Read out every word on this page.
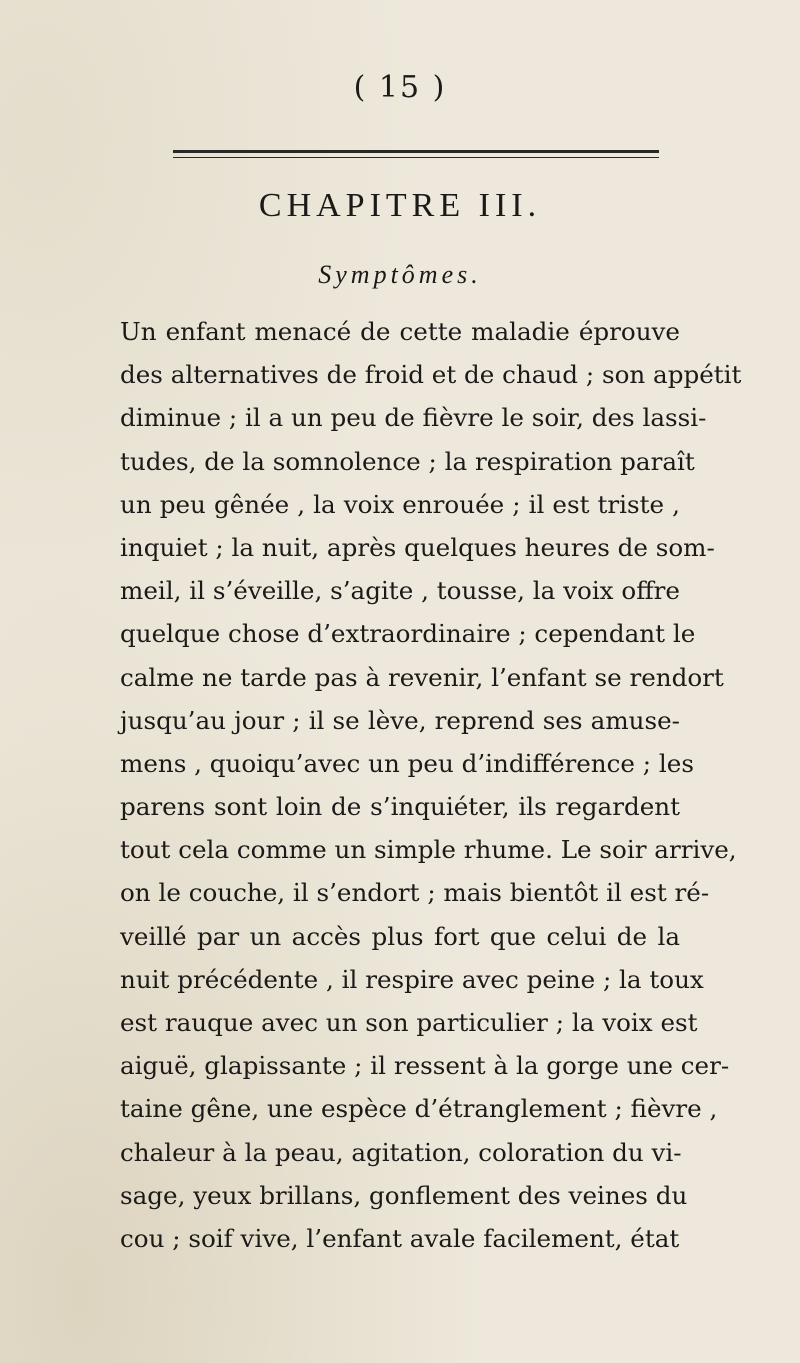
( 15 )
CHAPITRE III.
Symptômes.
Un enfant menacé de cette maladie éprouve
des alternatives de froid et de chaud ; son appétit
diminue ; il a un peu de fièvre le soir, des lassi-
tudes, de la somnolence ; la respiration paraît
un peu gênée , la voix enrouée ; il est triste ,
inquiet ; la nuit, après quelques heures de som-
meil, il s’éveille, s’agite , tousse, la voix offre
quelque chose d’extraordinaire ; cependant le
calme ne tarde pas à revenir, l’enfant se rendort
jusqu’au jour ; il se lève, reprend ses amuse-
mens , quoiqu’avec un peu d’indifférence ; les
parens sont loin de s’inquiéter, ils regardent
tout cela comme un simple rhume. Le soir arrive,
on le couche, il s’endort ; mais bientôt il est ré-
veillé par un accès plus fort que celui de la
nuit précédente , il respire avec peine ; la toux
est rauque avec un son particulier ; la voix est
aiguë, glapissante ; il ressent à la gorge une cer-
taine gêne, une espèce d’étranglement ; fièvre ,
chaleur à la peau, agitation, coloration du vi-
sage, yeux brillans, gonflement des veines du
cou ; soif vive, l’enfant avale facilement, état
